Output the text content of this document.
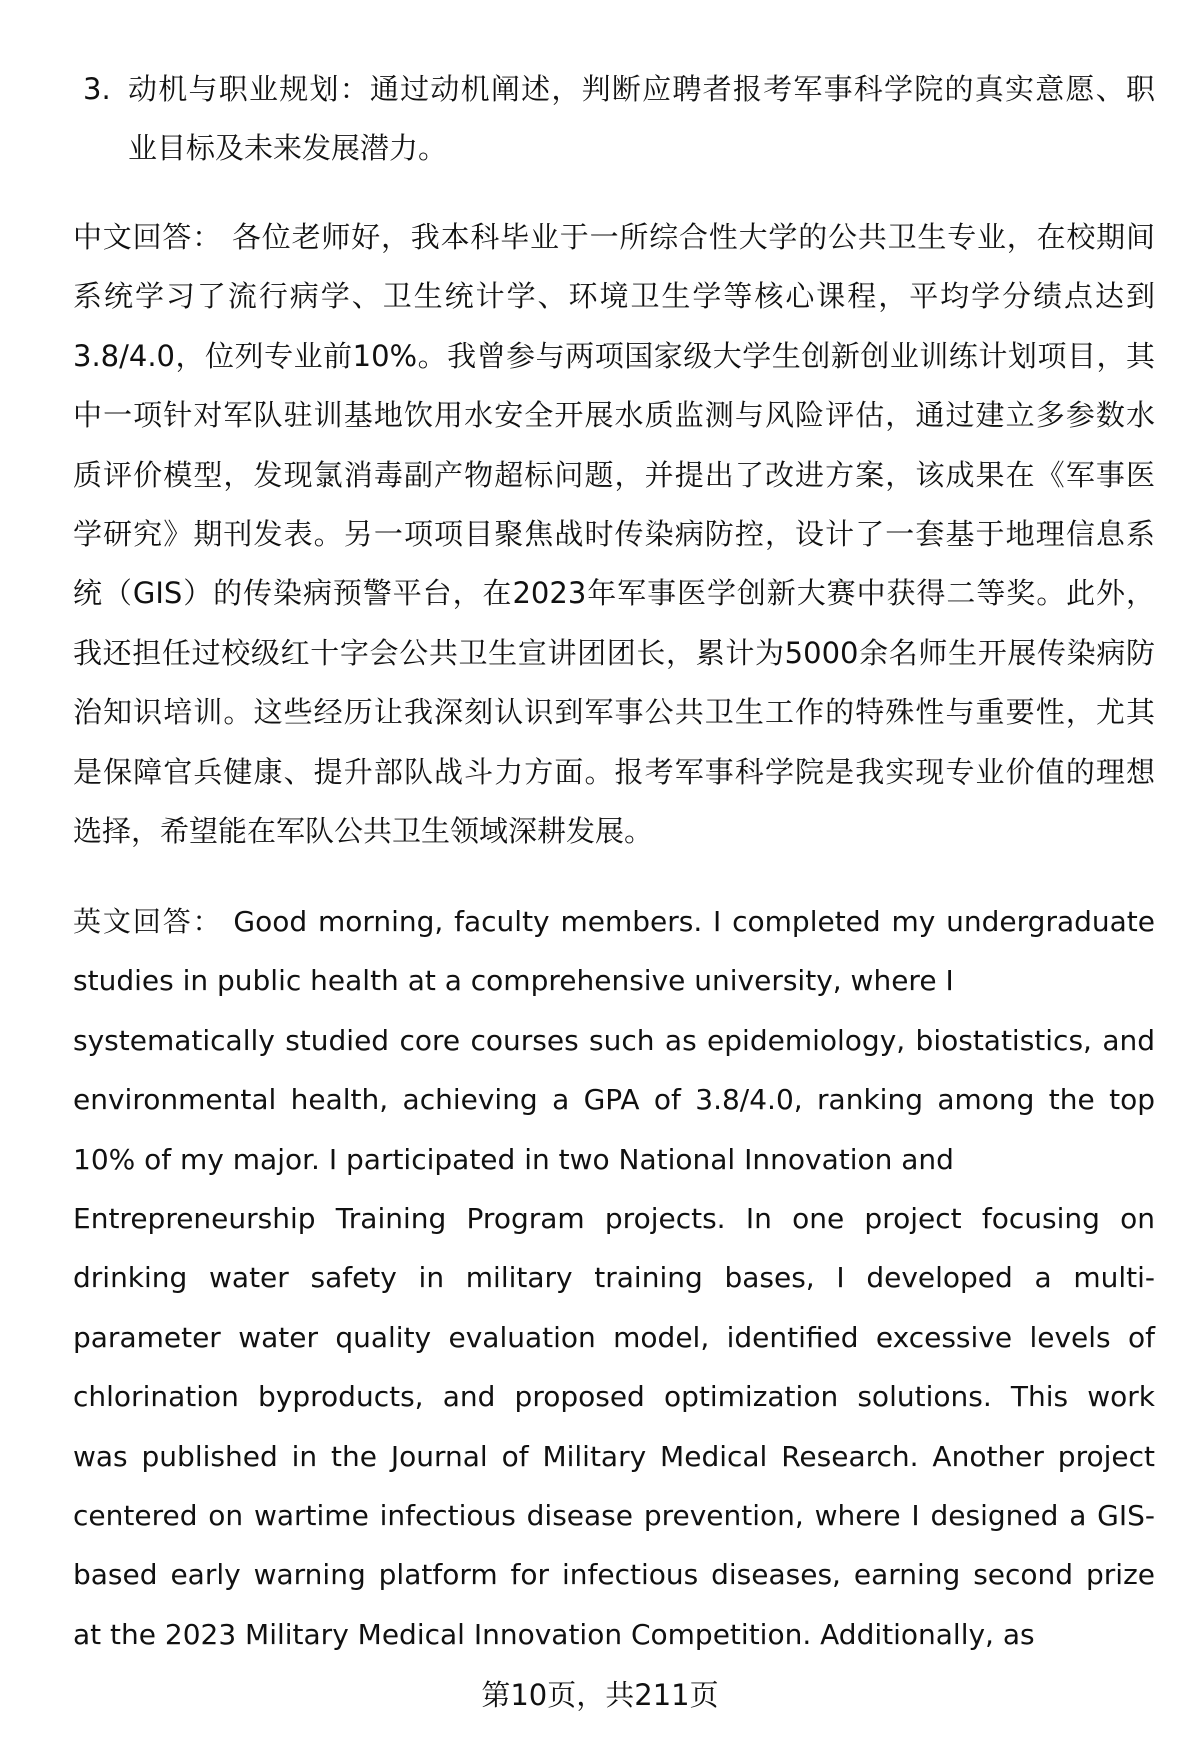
3. 动机与职业规划：通过动机阐述，判断应聘者报考军事科学院的真实意愿、职
业目标及未来发展潜力。
中文回答： 各位老师好，我本科毕业于一所综合性大学的公共卫生专业，在校期间
系统学习了流行病学、卫生统计学、环境卫生学等核心课程，平均学分绩点达到
3.8/4.0，位列专业前10%。我曾参与两项国家级大学生创新创业训练计划项目，其
中一项针对军队驻训基地饮用水安全开展水质监测与风险评估，通过建立多参数水
质评价模型，发现氯消毒副产物超标问题，并提出了改进方案，该成果在《军事医
学研究》期刊发表。另一项项目聚焦战时传染病防控，设计了一套基于地理信息系
统（GIS）的传染病预警平台，在2023年军事医学创新大赛中获得二等奖。此外，
我还担任过校级红十字会公共卫生宣讲团团长，累计为5000余名师生开展传染病防
治知识培训。这些经历让我深刻认识到军事公共卫生工作的特殊性与重要性，尤其
是保障官兵健康、提升部队战斗力方面。报考军事科学院是我实现专业价值的理想
选择，希望能在军队公共卫生领域深耕发展。
英文回答： Good morning, faculty members. I completed my undergraduate
studies in public health at a comprehensive university, where I
systematically studied core courses such as epidemiology, biostatistics, and
environmental health, achieving a GPA of 3.8/4.0, ranking among the top
10% of my major. I participated in two National Innovation and
Entrepreneurship Training Program projects. In one project focusing on
drinking water safety in military training bases, I developed a multi-
parameter water quality evaluation model, identified excessive levels of
chlorination byproducts, and proposed optimization solutions. This work
was published in the Journal of Military Medical Research. Another project
centered on wartime infectious disease prevention, where I designed a GIS-
based early warning platform for infectious diseases, earning second prize
at the 2023 Military Medical Innovation Competition. Additionally, as
第10页，共211页
